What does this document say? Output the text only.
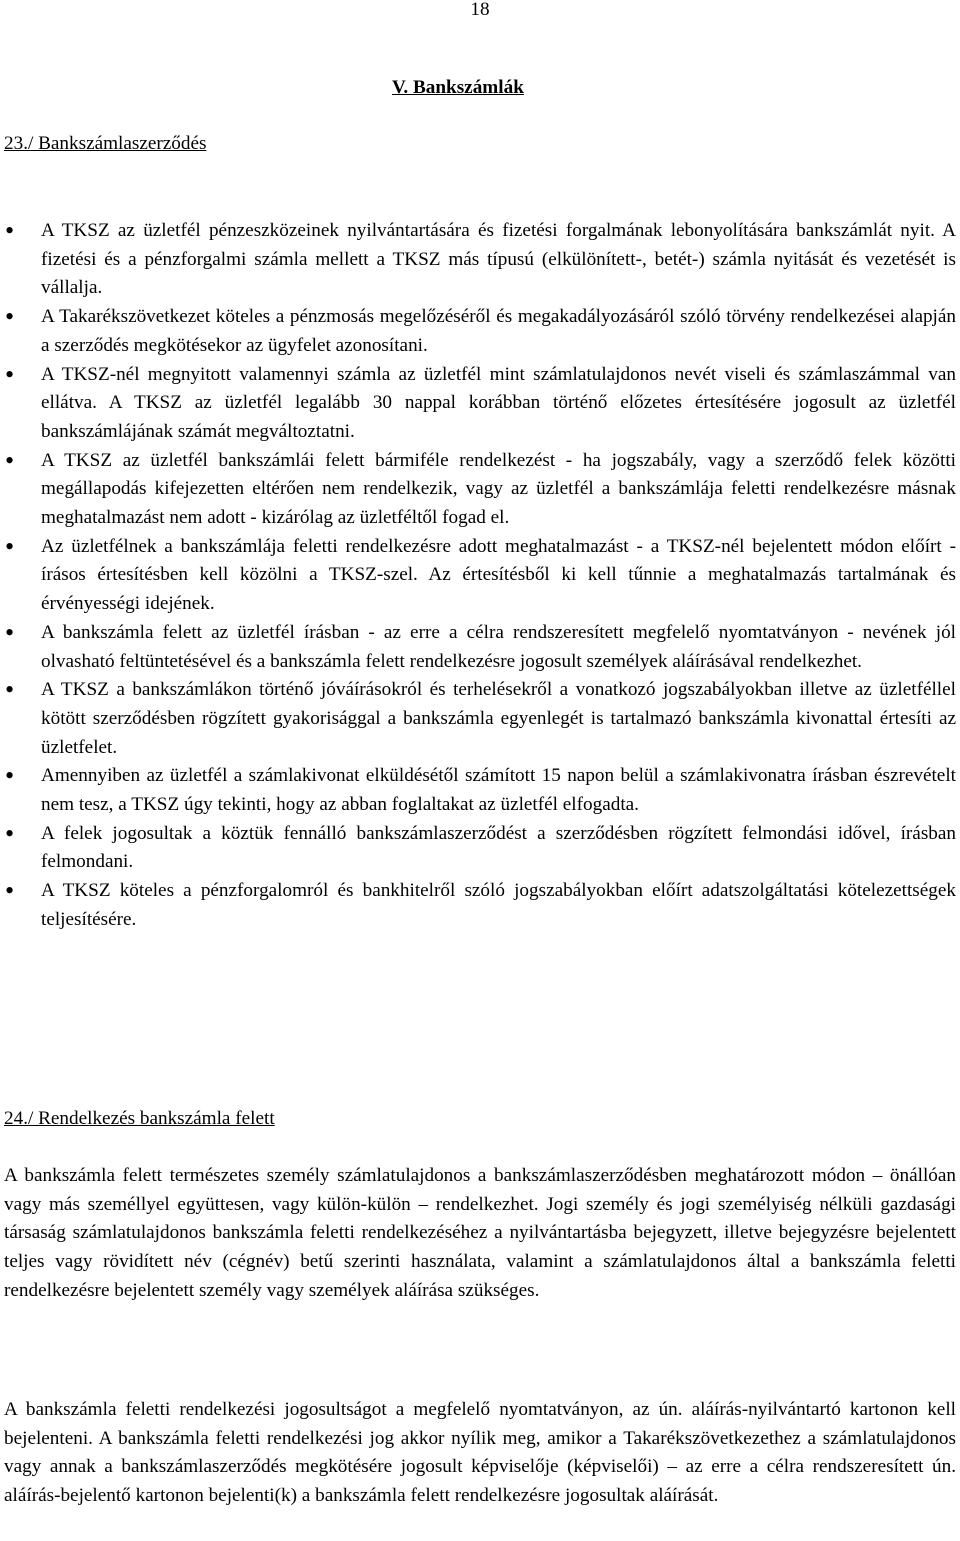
18
V. Bankszámlák
23./ Bankszámlaszerződés
• A TKSZ az üzletfél pénzeszközeinek nyilvántartására és fizetési forgalmának lebonyolítására bankszámlát nyit. A fizetési és a pénzforgalmi számla mellett a TKSZ más típusú (elkülönített-, betét-) számla nyitását és vezetését is vállalja.
• A Takarékszövetkezet köteles a pénzmosás megelőzéséről és megakadályozásáról szóló törvény rendelkezései alapján a szerződés megkötésekor az ügyfelet azonosítani.
• A TKSZ-nél megnyitott valamennyi számla az üzletfél mint számlatulajdonos nevét viseli és számlaszámmal van ellátva. A TKSZ az üzletfél legalább 30 nappal korábban történő előzetes értesítésére jogosult az üzletfél bankszámlájának számát megváltoztatni.
• A TKSZ az üzletfél bankszámlái felett bármiféle rendelkezést - ha jogszabály, vagy a szerződő felek közötti megállapodás kifejezetten eltérően nem rendelkezik, vagy az üzletfél a bankszámlája feletti rendelkezésre másnak meghatalmazást nem adott - kizárólag az üzletféltől fogad el.
• Az üzletfélnek a bankszámlája feletti rendelkezésre adott meghatalmazást - a TKSZ-nél bejelentett módon előírt - írásos értesítésben kell közölni a TKSZ-szel. Az értesítésből ki kell tűnnie a meghatalmazás tartalmának és érvényességi idejének.
• A bankszámla felett az üzletfél írásban - az erre a célra rendszeresített megfelelő nyomtatványon - nevének jól olvasható feltüntetésével és a bankszámla felett rendelkezésre jogosult személyek aláírásával rendelkezhet.
• A TKSZ a bankszámlákon történő jóváírásokról és terhelésekről a vonatkozó jogszabályokban illetve az üzletféllel kötött szerződésben rögzített gyakorisággal a bankszámla egyenlegét is tartalmazó bankszámla kivonattal értesíti az üzletfelet.
• Amennyiben az üzletfél a számlakivonat elküldésétől számított 15 napon belül a számlakivonatra írásban észrevételt nem tesz, a TKSZ úgy tekinti, hogy az abban foglaltakat az üzletfél elfogadta.
• A felek jogosultak a köztük fennálló bankszámlaszerződést a szerződésben rögzített felmondási idővel, írásban felmondani.
• A TKSZ köteles a pénzforgalomról és bankhitelről szóló jogszabályokban előírt adatszolgáltatási kötelezettségek teljesítésére.
24./ Rendelkezés bankszámla felett

A bankszámla felett természetes személy számlatulajdonos a bankszámlaszerződésben meghatározott módon – önállóan vagy más személlyel együttesen, vagy külön-külön – rendelkezhet. Jogi személy és jogi személyiség nélküli gazdasági társaság számlatulajdonos bankszámla feletti rendelkezéséhez a nyilvántartásba bejegyzett, illetve bejegyzésre bejelentett teljes vagy rövidített név (cégnév) betű szerinti használata, valamint a számlatulajdonos által a bankszámla feletti rendelkezésre bejelentett személy vagy személyek aláírása szükséges.

A bankszámla feletti rendelkezési jogosultságot a megfelelő nyomtatványon, az ún. aláírás-nyilvántartó kartonon kell bejelenteni. A bankszámla feletti rendelkezési jog akkor nyílik meg, amikor a Takarékszövetkezethez a számlatulajdonos vagy annak a bankszámlaszerződés megkötésére jogosult képviselője (képviselői) – az erre a célra rendszeresített ún. aláírás-bejelentő kartonon bejelenti(k) a bankszámla felett rendelkezésre jogosultak aláírását.
